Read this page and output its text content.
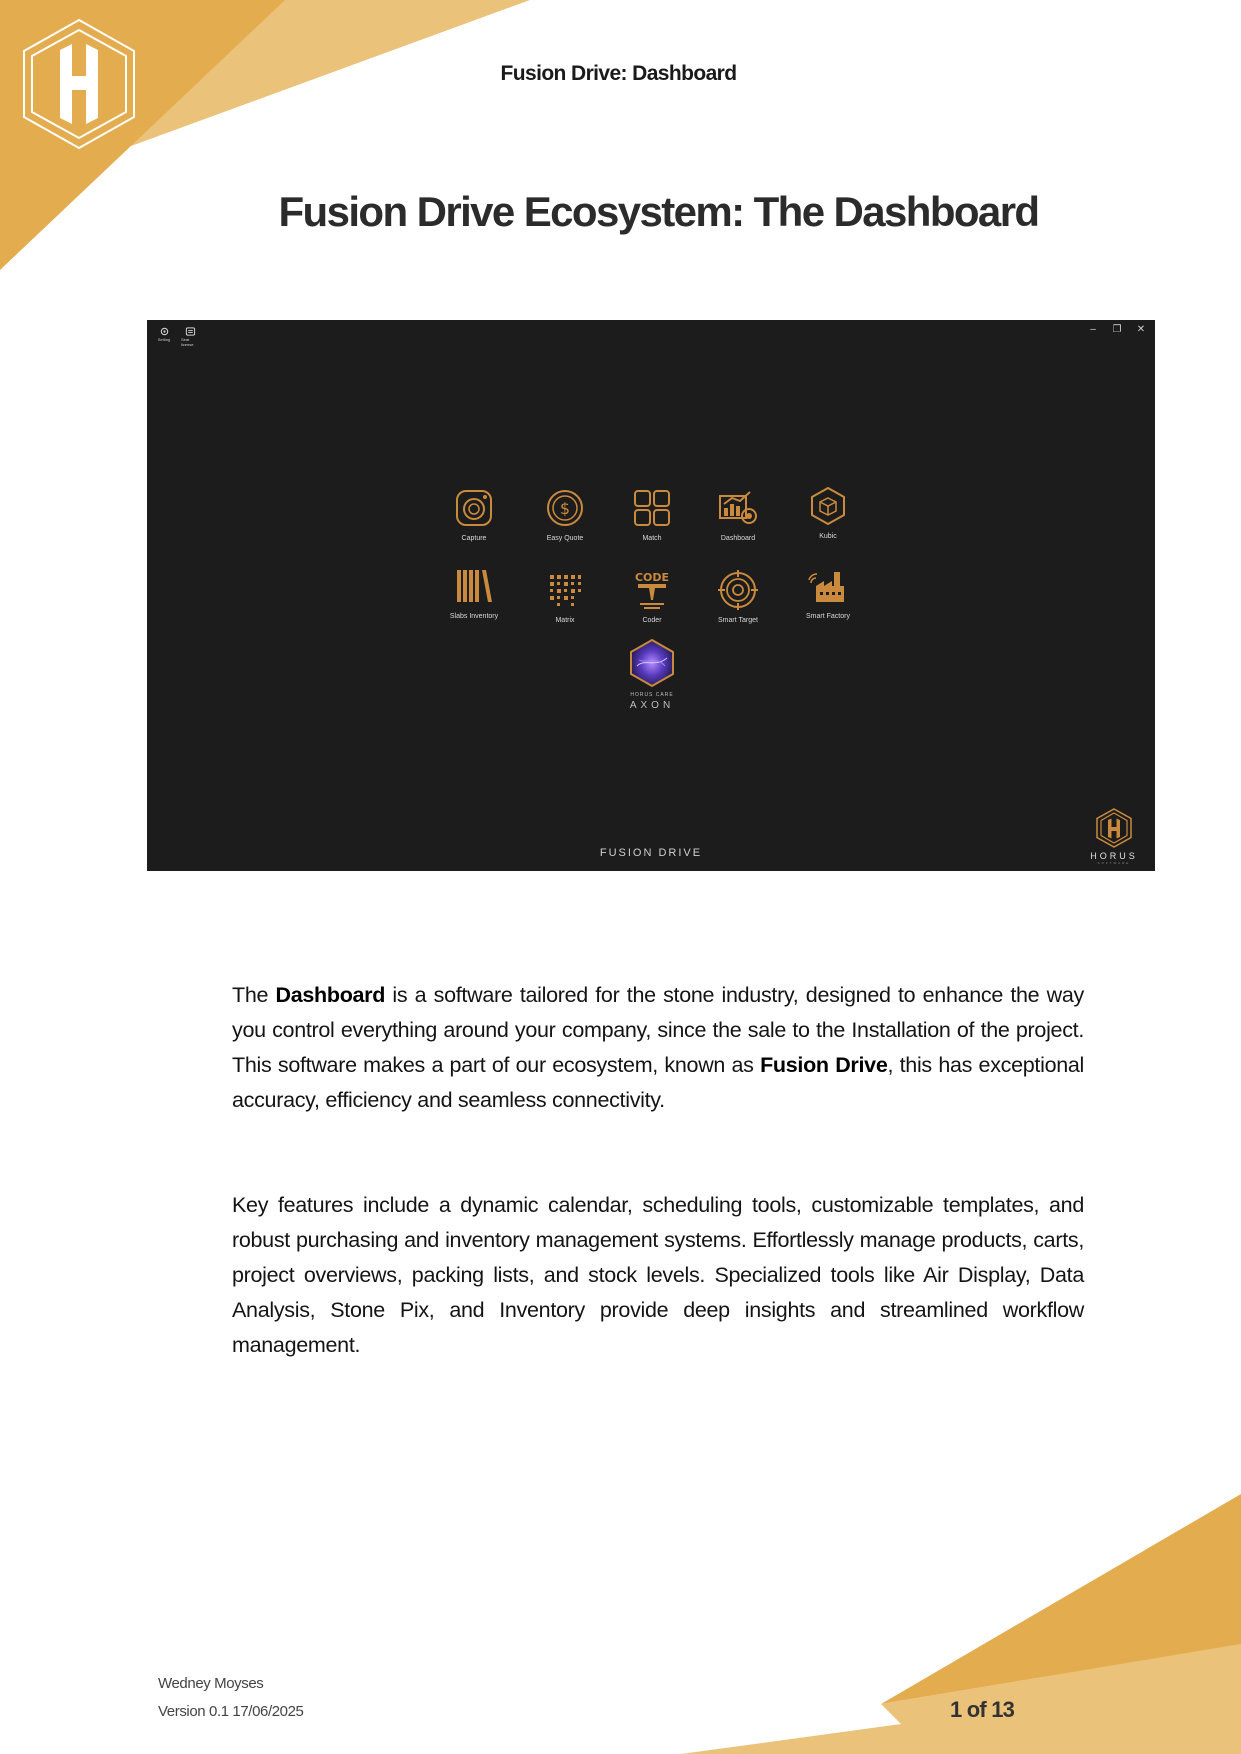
Fusion Drive: Dashboard
Fusion Drive Ecosystem: The Dashboard
Setting	Seat license
–	❐ ✕
Capture
$
Easy Quote	Match	Dashboard	Kubic
Slabs Inventory
Matrix
CODE
Coder	Smart Target
Smart Factory
HORUS CARE
AXON
FUSION DRIVE	HORUS
SOFTWARE
The Dashboard is a software tailored for the stone industry, designed to enhance the way you control everything around your company, since the sale to the Installation of the project. This software makes a part of our ecosystem, known as Fusion Drive, this has exceptional accuracy, efficiency and seamless connectivity.
Key features include a dynamic calendar, scheduling tools, customizable templates, and robust purchasing and inventory management systems. Effortlessly manage products, carts, project overviews, packing lists, and stock levels. Specialized tools like Air Display, Data Analysis, Stone Pix, and Inventory provide deep insights and streamlined workflow management.
Wedney Moyses
Version 0.1 17/06/2025	1 of 13
